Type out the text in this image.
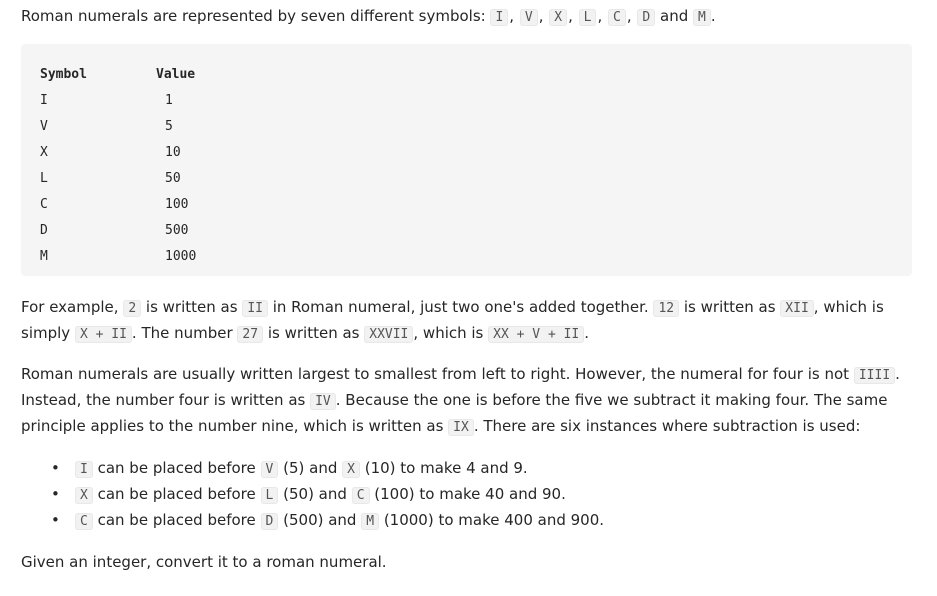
Roman numerals are represented by seven different symbols: I , V , X , L , C , D and M .

Symbol	Value
I	1
V	5
X	10
L	50
C	100
D	500
M	1000

For example, 2 is written as II in Roman numeral, just two one's added together. 12 is written as XII , which is simply X + II . The number 27 is written as XXVII , which is XX + V + II .

Roman numerals are usually written largest to smallest from left to right. However, the numeral for four is not IIII . Instead, the number four is written as IV . Because the one is before the five we subtract it making four. The same principle applies to the number nine, which is written as IX . There are six instances where subtraction is used:

• I can be placed before V (5) and X (10) to make 4 and 9.
• X can be placed before L (50) and C (100) to make 40 and 90.
• C can be placed before D (500) and M (1000) to make 400 and 900.

Given an integer, convert it to a roman numeral.
